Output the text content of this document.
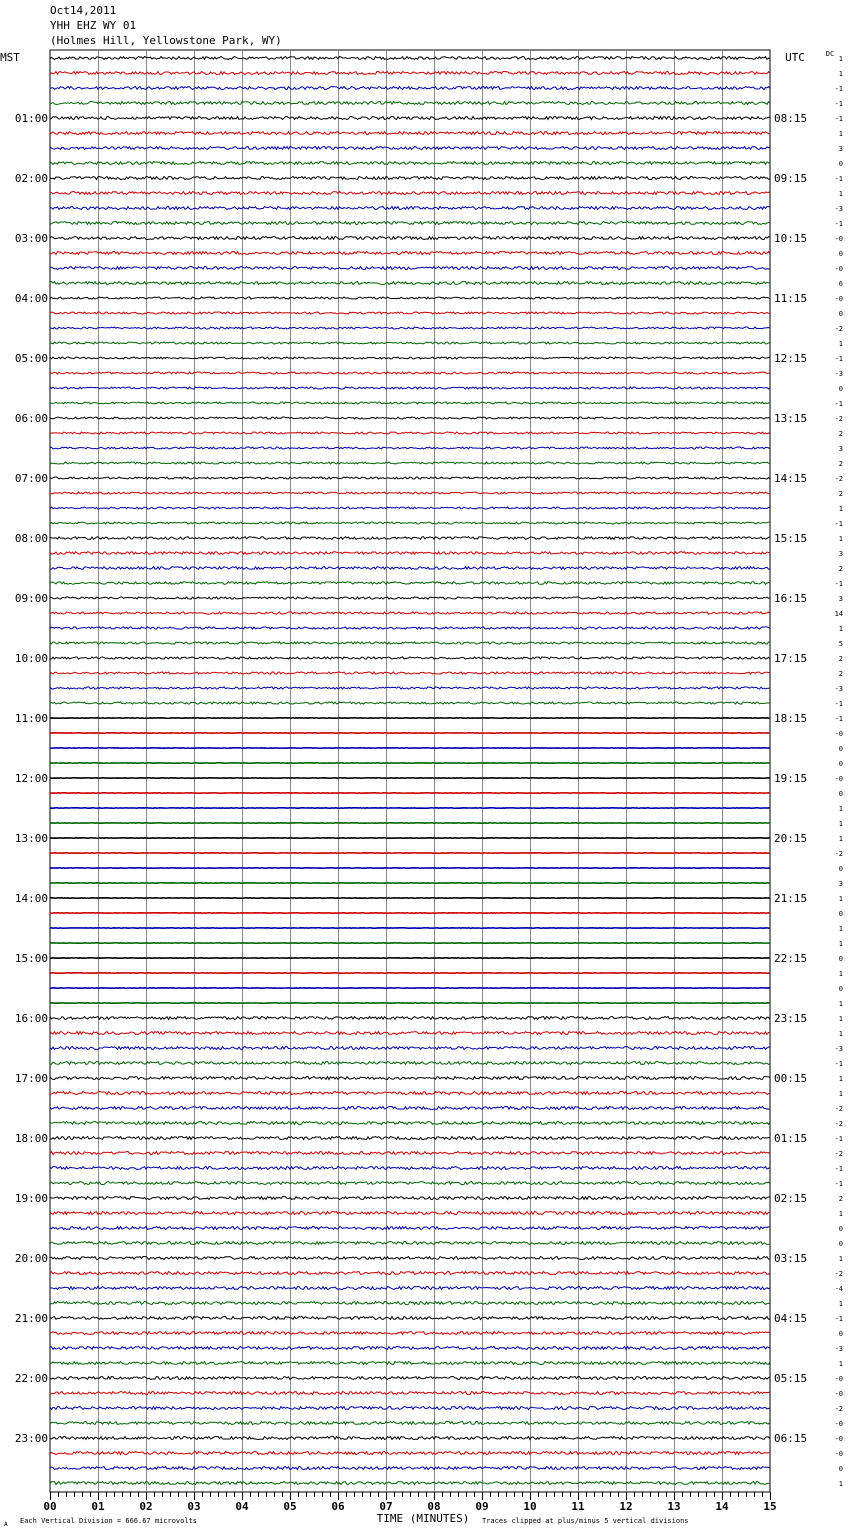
Oct14,2011
YHH EHZ WY 01
(Holmes Hill, Yellowstone Park, WY)
MST	UTC	DC
01:00
02:00
03:00
04:00
05:00
06:00
07:00
08:00
09:00
10:00
11:00
12:00
13:00
14:00
15:00
16:00
17:00
18:00
19:00
20:00
21:00
22:00
23:00
08:15
09:15
10:15
11:15
12:15
13:15
14:15
15:15
16:15
17:15
18:15
19:15
20:15
21:15
22:15
23:15
00:15
01:15
02:15
03:15
04:15
05:15
06:15
1
1
-1
-1
-1
1
3
0
-1
1
-3
-1
-0
0
-0
6
-0
0
-2
1
-1
-3
0
-1
-2
2
3
2
-2
2
1
-1
1
3
2
-1
3
14
1
5
2
2
-3
-1
-1
-0
0
0
-0
0
1
1
1
-2
0
3
1
0
1
1
0
1
0
1
1
1
-3
-1
1
1
-2
-2
-1
-2
-1
-1
2
1
0
0
1
-2
-4
1
-1
0
-3
1
-0
-0
-2
-0
-0
-0
0
1
00	01	02	03	04	05	06	07	08	09	10	11	12	13	14	15
TIME (MINUTES)
Each Vertical Division = 666.67 microvolts	Traces clipped at plus/minus 5 vertical divisions
A
